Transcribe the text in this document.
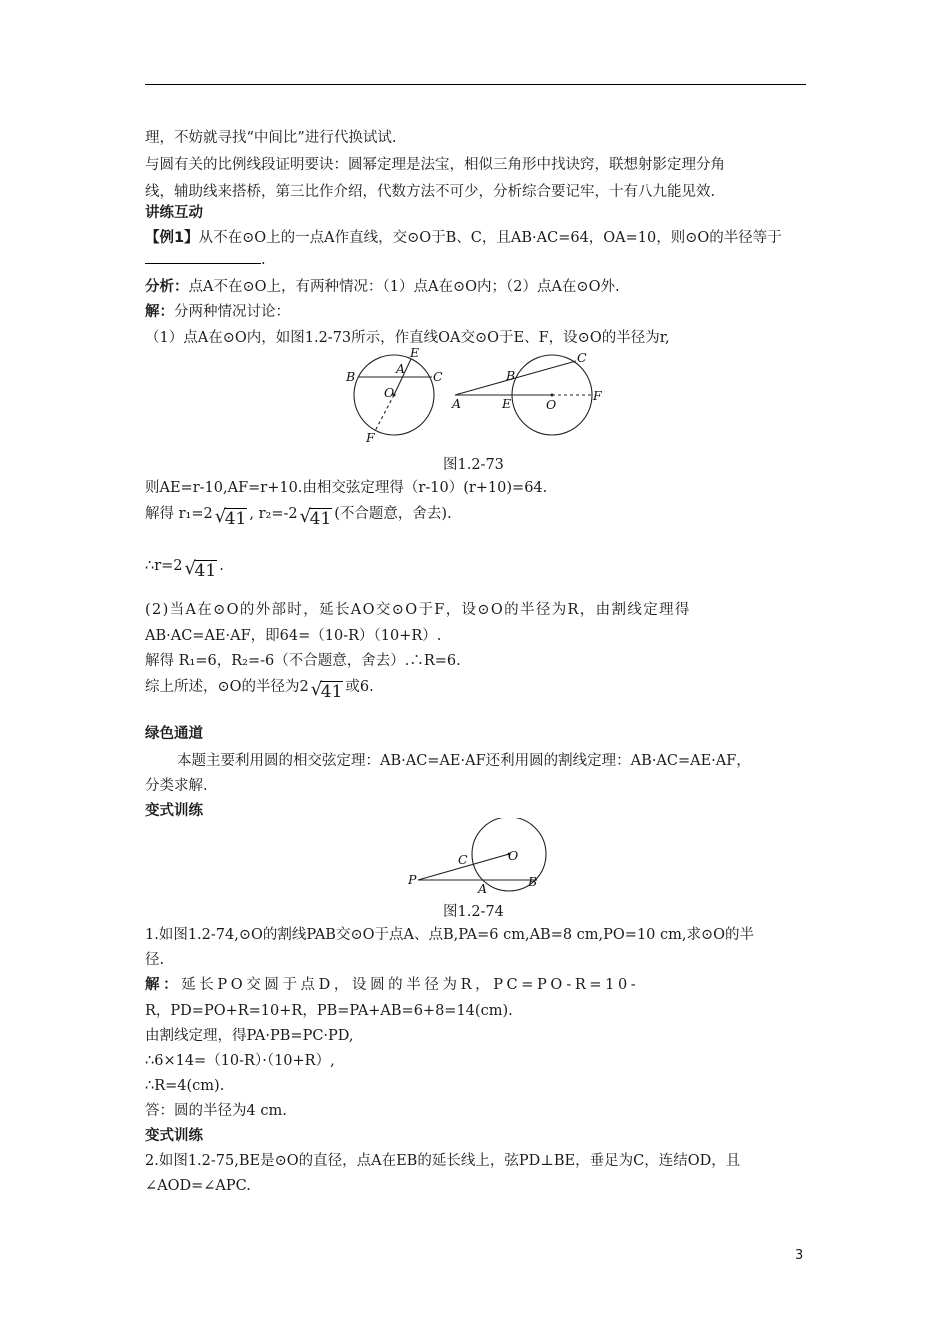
理，不妨就寻找“中间比”进行代换试试.
与圆有关的比例线段证明要诀：圆幂定理是法宝，相似三角形中找诀窍，联想射影定理分角
线，辅助线来搭桥，第三比作介绍，代数方法不可少，分析综合要记牢，十有八九能见效.
讲练互动
【例1】从不在⊙O上的一点A作直线，交⊙O于B、C，且AB·AC=64，OA=10，则⊙O的半径等于
.
分析：点A不在⊙O上，有两种情况：（1）点A在⊙O内；（2）点A在⊙O外.
解：分两种情况讨论：
（1）点A在⊙O内，如图1.2-73所示，作直线OA交⊙O于E、F，设⊙O的半径为r,
B
A
E
C
O
F
A
B
C
E	O
F
图1.2-73
则AE=r-10,AF=r+10.由相交弦定理得（r-10）(r+10)=64.
解得 r₁=2 √
41 , r₂=-2 √
41 (不合题意，舍去).
∴r=2 √
41 .
(2)当A在⊙O的外部时，延长AO交⊙O于F，设⊙O的半径为R，由割线定理得
AB·AC=AE·AF，即64=（10-R）（10+R）.
解得 R₁=6，R₂=-6（不合题意，舍去）.∴R=6.
综上所述，⊙O的半径为2 √
41 或6.
绿色通道
本题主要利用圆的相交弦定理：AB·AC=AE·AF还利用圆的割线定理：AB·AC=AE·AF，
分类求解.
变式训练
P
C	O
A	B
图1.2-74
1.如图1.2-74,⊙O的割线PAB交⊙O于点A、点B,PA=6 cm,AB=8 cm,PO=10 cm,求⊙O的半
径.
解：延长PO交圆于点D，设圆的半径为R，PC=PO-R=10-
R，PD=PO+R=10+R，PB=PA+AB=6+8=14(cm).
由割线定理，得PA·PB=PC·PD,
∴6×14=（10-R）·（10+R）,
∴R=4(cm).
答：圆的半径为4 cm.
变式训练
2.如图1.2-75,BE是⊙O的直径，点A在EB的延长线上，弦PD⊥BE，垂足为C，连结OD，且
∠AOD=∠APC.
3
